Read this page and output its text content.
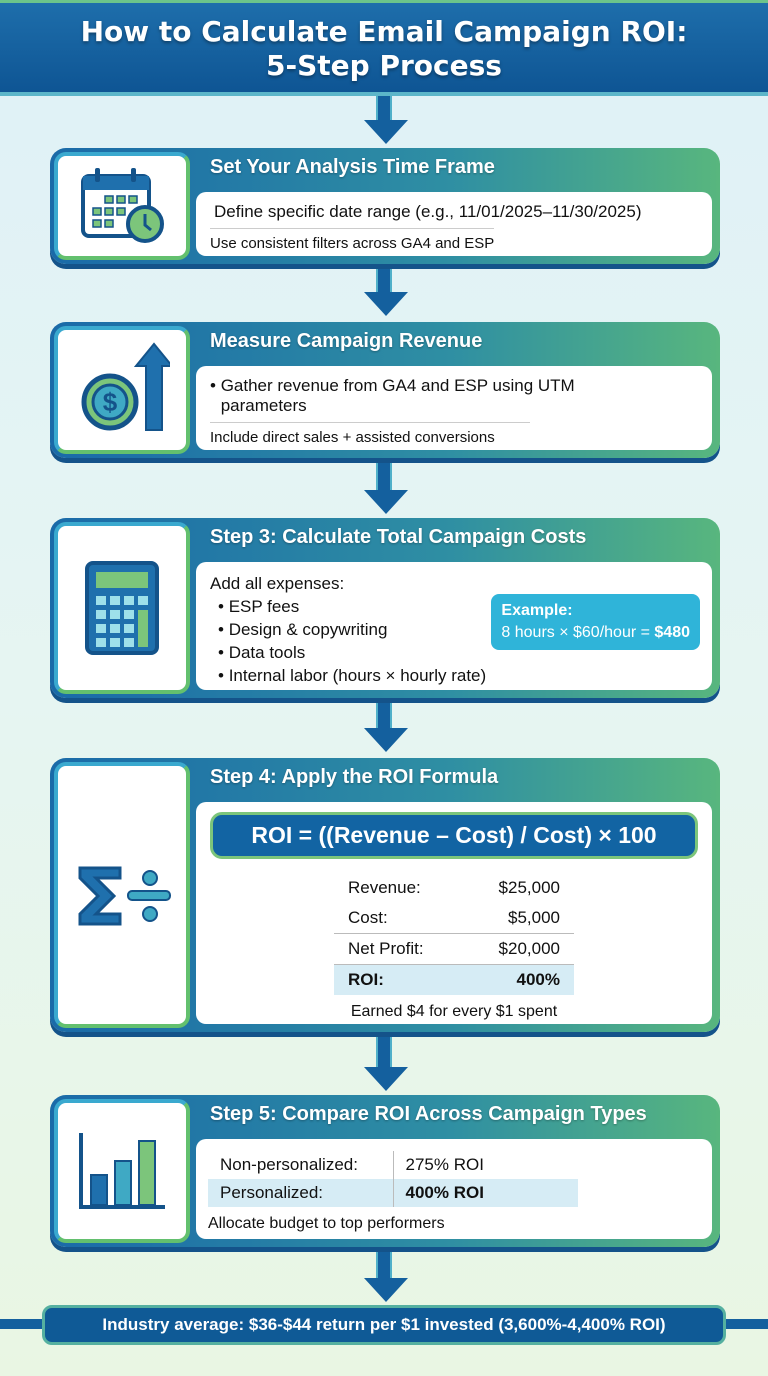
How to Calculate Email Campaign ROI:
5-Step Process
Set Your Analysis Time Frame
Define specific date range (e.g., 11/01/2025–11/30/2025)
Use consistent filters across GA4 and ESP
$
Measure Campaign Revenue
• Gather revenue from GA4 and ESP using UTM parameters
Include direct sales + assisted conversions
Step 3: Calculate Total Campaign Costs
Add all expenses:
• ESP fees
• Design & copywriting
• Data tools
• Internal labor (hours × hourly rate)
Example:
8 hours × $60/hour = $480
Step 4: Apply the ROI Formula
ROI = ((Revenue – Cost) / Cost) × 100
Revenue:	$25,000
Cost:	$5,000
Net Profit:	$20,000
ROI:	400%
Earned $4 for every $1 spent
Step 5: Compare ROI Across Campaign Types
Non-personalized:	275% ROI
Personalized:	400% ROI
Allocate budget to top performers
Industry average: $36-$44 return per $1 invested (3,600%-4,400% ROI)
